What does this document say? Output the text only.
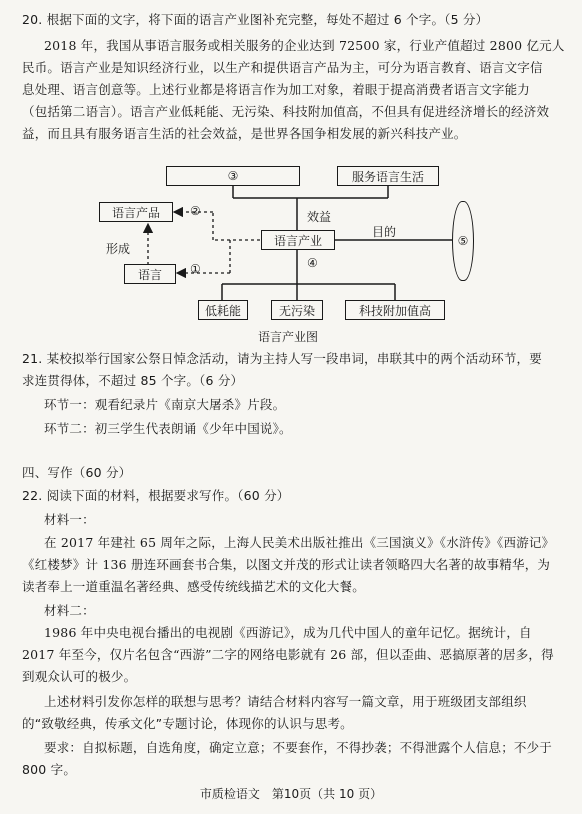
20. 根据下面的文字，将下面的语言产业图补充完整，每处不超过 6 个字。（5 分）
2018 年，我国从事语言服务或相关服务的企业达到 72500 家，行业产值超过 2800 亿元人
民币。语言产业是知识经济行业，以生产和提供语言产品为主，可分为语言教育、语言文字信
息处理、语言创意等。上述行业都是将语言作为加工对象，着眼于提高消费者语言文字能力
（包括第二语言）。语言产业低耗能、无污染、科技附加值高，不但具有促进经济增长的经济效
益，而且具有服务语言生活的社会效益，是世界各国争相发展的新兴科技产业。
③	服务语言生活
语言产品
语言产业
语言
⑤
低耗能	无污染	科技附加值高
②
①	④
效益
目的
形成
语言产业图
21. 某校拟举行国家公祭日悼念活动，请为主持人写一段串词，串联其中的两个活动环节，要
求连贯得体，不超过 85 个字。（6 分）
环节一：观看纪录片《南京大屠杀》片段。
环节二：初三学生代表朗诵《少年中国说》。
四、写作（60 分）
22. 阅读下面的材料，根据要求写作。（60 分）
材料一：
在 2017 年建社 65 周年之际，上海人民美术出版社推出《三国演义》《水浒传》《西游记》
《红楼梦》计 136 册连环画套书合集，以图文并茂的形式让读者领略四大名著的故事精华，为
读者奉上一道重温名著经典、感受传统线描艺术的文化大餐。
材料二：
1986 年中央电视台播出的电视剧《西游记》，成为几代中国人的童年记忆。据统计，自
2017 年至今，仅片名包含“西游”二字的网络电影就有 26 部，但以歪曲、恶搞原著的居多，得
到观众认可的极少。
上述材料引发你怎样的联想与思考？请结合材料内容写一篇文章，用于班级团支部组织
的“致敬经典，传承文化”专题讨论，体现你的认识与思考。
要求：自拟标题，自选角度，确定立意；不要套作，不得抄袭；不得泄露个人信息；不少于
800 字。
市质检语文　第10页（共 10 页）
